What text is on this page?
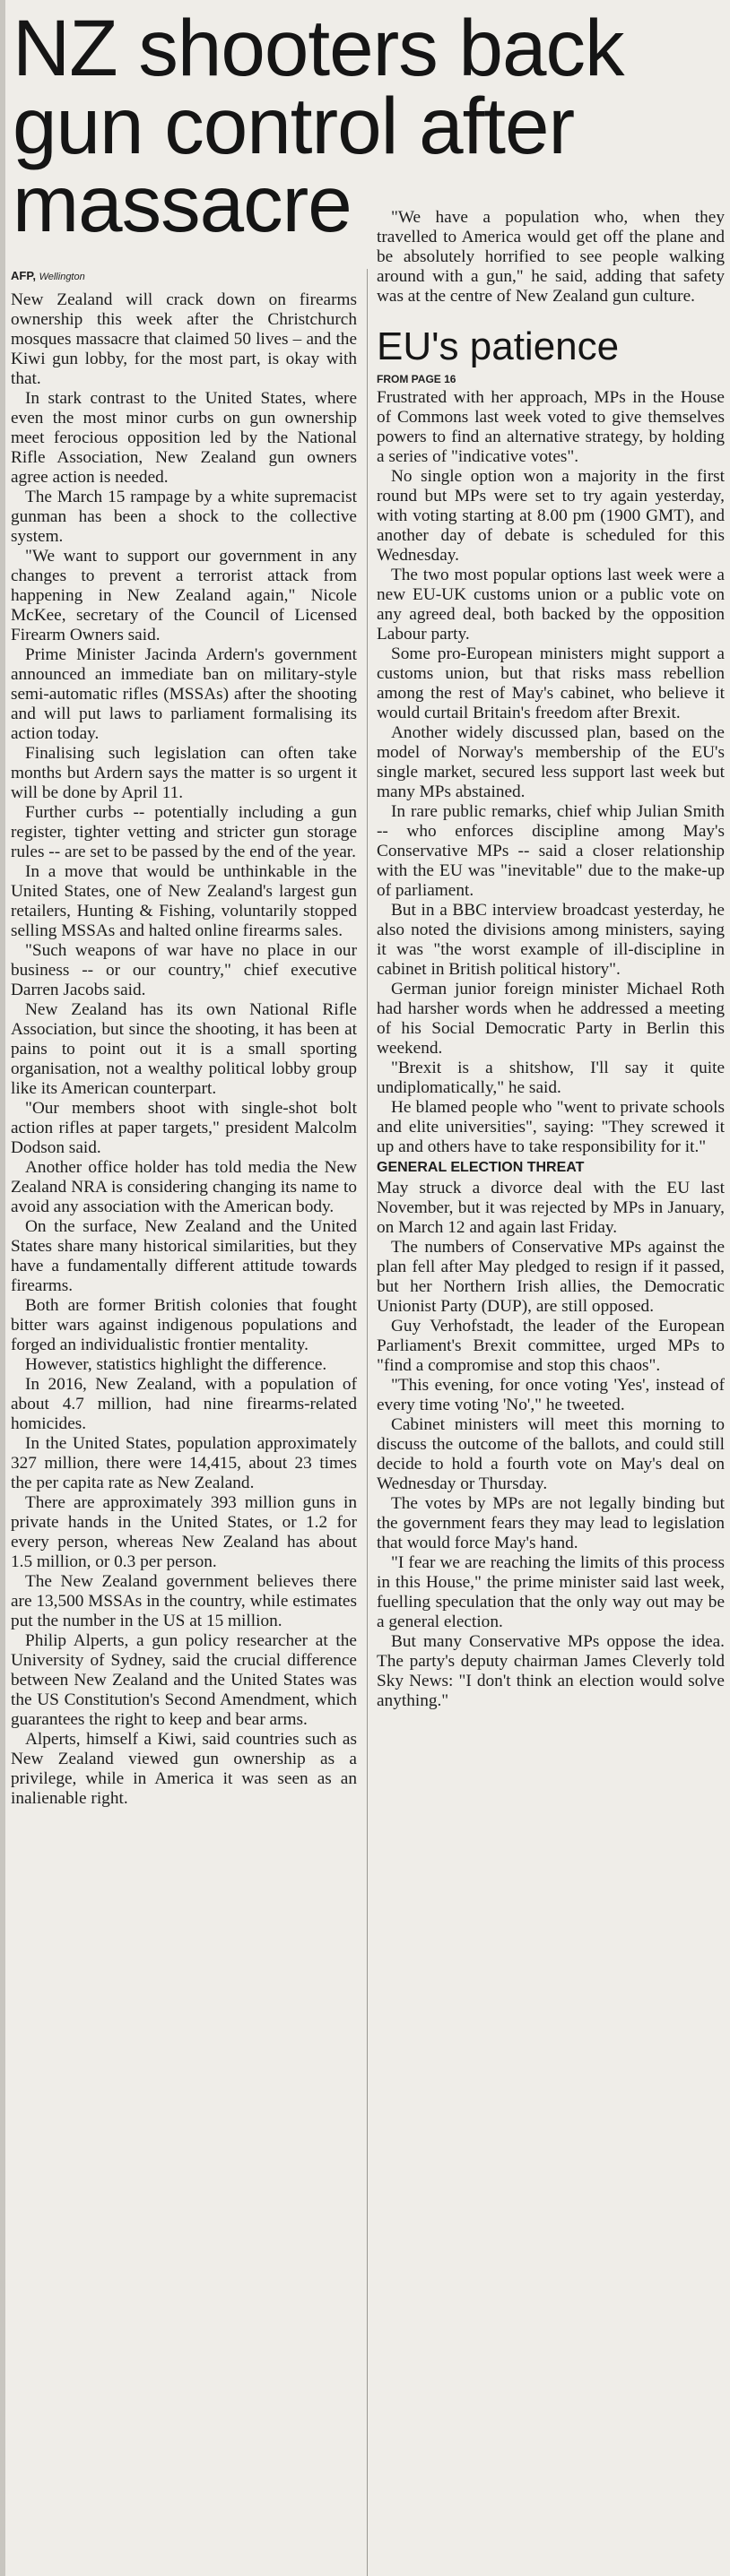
NZ shooters back gun control after massacre
AFP, Wellington

New Zealand will crack down on firearms ownership this week after the Christchurch mosques massacre that claimed 50 lives – and the Kiwi gun lobby, for the most part, is okay with that.

In stark contrast to the United States, where even the most minor curbs on gun ownership meet ferocious opposition led by the National Rifle Association, New Zealand gun owners agree action is needed.

The March 15 rampage by a white supremacist gunman has been a shock to the collective system.

"We want to support our government in any changes to prevent a terrorist attack from happening in New Zealand again," Nicole McKee, secretary of the Council of Licensed Firearm Owners said.

Prime Minister Jacinda Ardern's government announced an immediate ban on military-style semi-automatic rifles (MSSAs) after the shooting and will put laws to parliament formalising its action today.

Finalising such legislation can often take months but Ardern says the matter is so urgent it will be done by April 11.

Further curbs -- potentially including a gun register, tighter vetting and stricter gun storage rules -- are set to be passed by the end of the year.

In a move that would be unthinkable in the United States, one of New Zealand's largest gun retailers, Hunting & Fishing, voluntarily stopped selling MSSAs and halted online firearms sales.

"Such weapons of war have no place in our business -- or our country," chief executive Darren Jacobs said.

New Zealand has its own National Rifle Association, but since the shooting, it has been at pains to point out it is a small sporting organisation, not a wealthy political lobby group like its American counterpart.

"Our members shoot with single-shot bolt action rifles at paper targets," president Malcolm Dodson said.

Another office holder has told media the New Zealand NRA is considering changing its name to avoid any association with the American body.

On the surface, New Zealand and the United States share many historical similarities, but they have a fundamentally different attitude towards firearms.

Both are former British colonies that fought bitter wars against indigenous populations and forged an individualistic frontier mentality.

However, statistics highlight the difference.

In 2016, New Zealand, with a population of about 4.7 million, had nine firearms-related homicides.

In the United States, population approximately 327 million, there were 14,415, about 23 times the per capita rate as New Zealand.

There are approximately 393 million guns in private hands in the United States, or 1.2 for every person, whereas New Zealand has about 1.5 million, or 0.3 per person.

The New Zealand government believes there are 13,500 MSSAs in the country, while estimates put the number in the US at 15 million.

Philip Alperts, a gun policy researcher at the University of Sydney, said the crucial difference between New Zealand and the United States was the US Constitution's Second Amendment, which guarantees the right to keep and bear arms.

Alperts, himself a Kiwi, said countries such as New Zealand viewed gun ownership as a privilege, while in America it was seen as an inalienable right.

"We have a population who, when they travelled to America would get off the plane and be absolutely horrified to see people walking around with a gun," he said, adding that safety was at the centre of New Zealand gun culture.

EU's patience
FROM PAGE 16

Frustrated with her approach, MPs in the House of Commons last week voted to give themselves powers to find an alternative strategy, by holding a series of "indicative votes".

No single option won a majority in the first round but MPs were set to try again yesterday, with voting starting at 8.00 pm (1900 GMT), and another day of debate is scheduled for this Wednesday.

The two most popular options last week were a new EU-UK customs union or a public vote on any agreed deal, both backed by the opposition Labour party.

Some pro-European ministers might support a customs union, but that risks mass rebellion among the rest of May's cabinet, who believe it would curtail Britain's freedom after Brexit.

Another widely discussed plan, based on the model of Norway's membership of the EU's single market, secured less support last week but many MPs abstained.

In rare public remarks, chief whip Julian Smith -- who enforces discipline among May's Conservative MPs -- said a closer relationship with the EU was "inevitable" due to the make-up of parliament.

But in a BBC interview broadcast yesterday, he also noted the divisions among ministers, saying it was "the worst example of ill-discipline in cabinet in British political history".

German junior foreign minister Michael Roth had harsher words when he addressed a meeting of his Social Democratic Party in Berlin this weekend.

"Brexit is a shitshow, I'll say it quite undiplomatically," he said.

He blamed people who "went to private schools and elite universities", saying: "They screwed it up and others have to take responsibility for it."

GENERAL ELECTION THREAT

May struck a divorce deal with the EU last November, but it was rejected by MPs in January, on March 12 and again last Friday.

The numbers of Conservative MPs against the plan fell after May pledged to resign if it passed, but her Northern Irish allies, the Democratic Unionist Party (DUP), are still opposed.

Guy Verhofstadt, the leader of the European Parliament's Brexit committee, urged MPs to "find a compromise and stop this chaos".

"This evening, for once voting 'Yes', instead of every time voting 'No'," he tweeted.

Cabinet ministers will meet this morning to discuss the outcome of the ballots, and could still decide to hold a fourth vote on May's deal on Wednesday or Thursday.

The votes by MPs are not legally binding but the government fears they may lead to legislation that would force May's hand.

"I fear we are reaching the limits of this process in this House," the prime minister said last week, fuelling speculation that the only way out may be a general election.

But many Conservative MPs oppose the idea. The party's deputy chairman James Cleverly told Sky News: "I don't think an election would solve anything."
